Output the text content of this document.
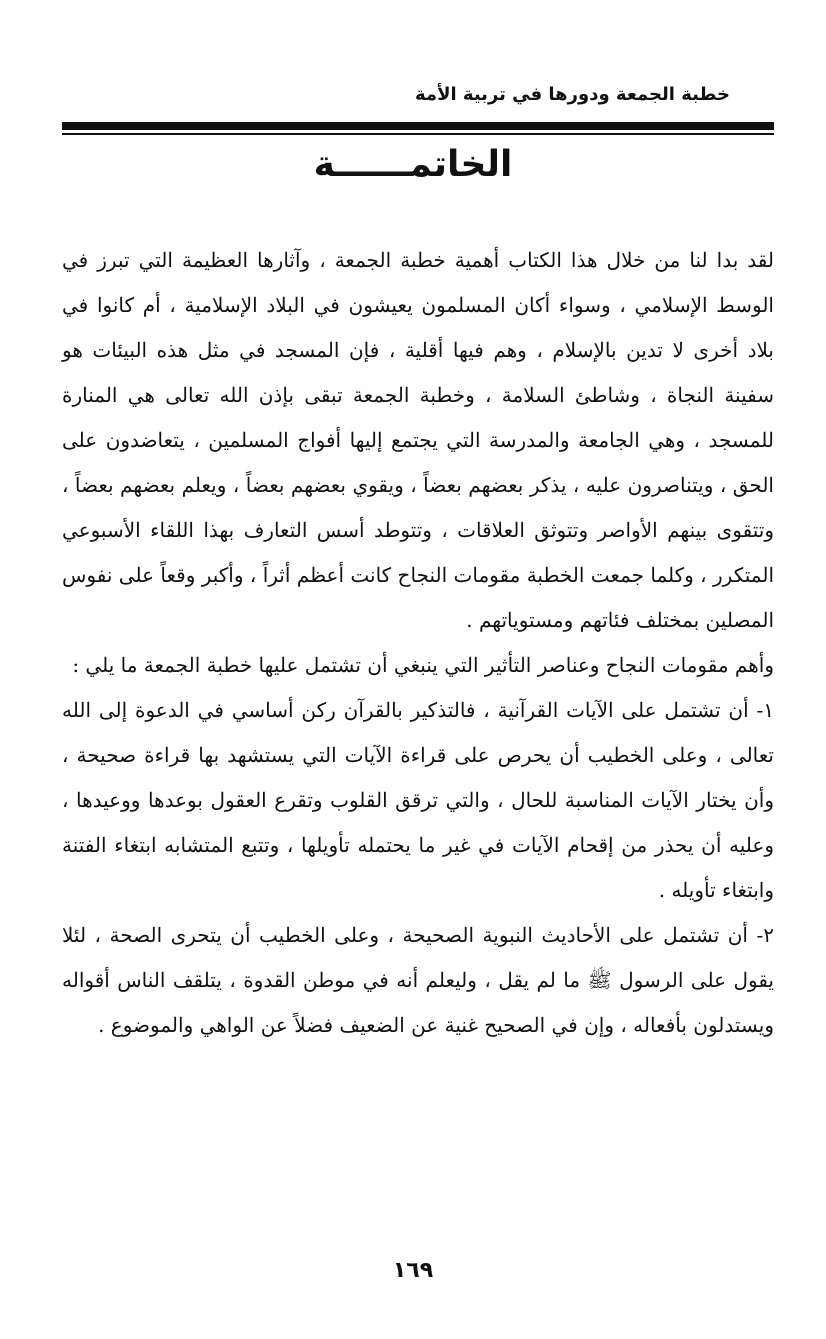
خطبة الجمعة ودورها في تربية الأمة
الخاتمــــــة

لقد بدا لنا من خلال هذا الكتاب أهمية خطبة الجمعة ، وآثارها العظيمة التي تبرز في الوسط الإسلامي ، وسواء أكان المسلمون يعيشون في البلاد الإسلامية ، أم كانوا في بلاد أخرى لا تدين بالإسلام ، وهم فيها أقلية ، فإن المسجد في مثل هذه البيئات هو سفينة النجاة ، وشاطئ السلامة ، وخطبة الجمعة تبقى بإذن الله تعالى هي المنارة للمسجد ، وهي الجامعة والمدرسة التي يجتمع إليها أفواج المسلمين ، يتعاضدون على الحق ، ويتناصرون عليه ، يذكر بعضهم بعضاً ، ويقوي بعضهم بعضاً ، ويعلم بعضهم بعضاً ، وتتقوى بينهم الأواصر وتتوثق العلاقات ، وتتوطد أسس التعارف بهذا اللقاء الأسبوعي المتكرر ، وكلما جمعت الخطبة مقومات النجاح كانت أعظم أثراً ، وأكبر وقعاً على نفوس المصلين بمختلف فئاتهم ومستوياتهم .

وأهم مقومات النجاح وعناصر التأثير التي ينبغي أن تشتمل عليها خطبة الجمعة ما يلي :

١- أن تشتمل على الآيات القرآنية ، فالتذكير بالقرآن ركن أساسي في الدعوة إلى الله تعالى ، وعلى الخطيب أن يحرص على قراءة الآيات التي يستشهد بها قراءة صحيحة ، وأن يختار الآيات المناسبة للحال ، والتي ترقق القلوب وتقرع العقول بوعدها ووعيدها ، وعليه أن يحذر من إقحام الآيات في غير ما يحتمله تأويلها ، وتتبع المتشابه ابتغاء الفتنة وابتغاء تأويله .

٢- أن تشتمل على الأحاديث النبوية الصحيحة ، وعلى الخطيب أن يتحرى الصحة ، لئلا يقول على الرسول ﷺ ما لم يقل ، وليعلم أنه في موطن القدوة ، يتلقف الناس أقواله ويستدلون بأفعاله ، وإن في الصحيح غنية عن الضعيف فضلاً عن الواهي والموضوع .

١٦٩
